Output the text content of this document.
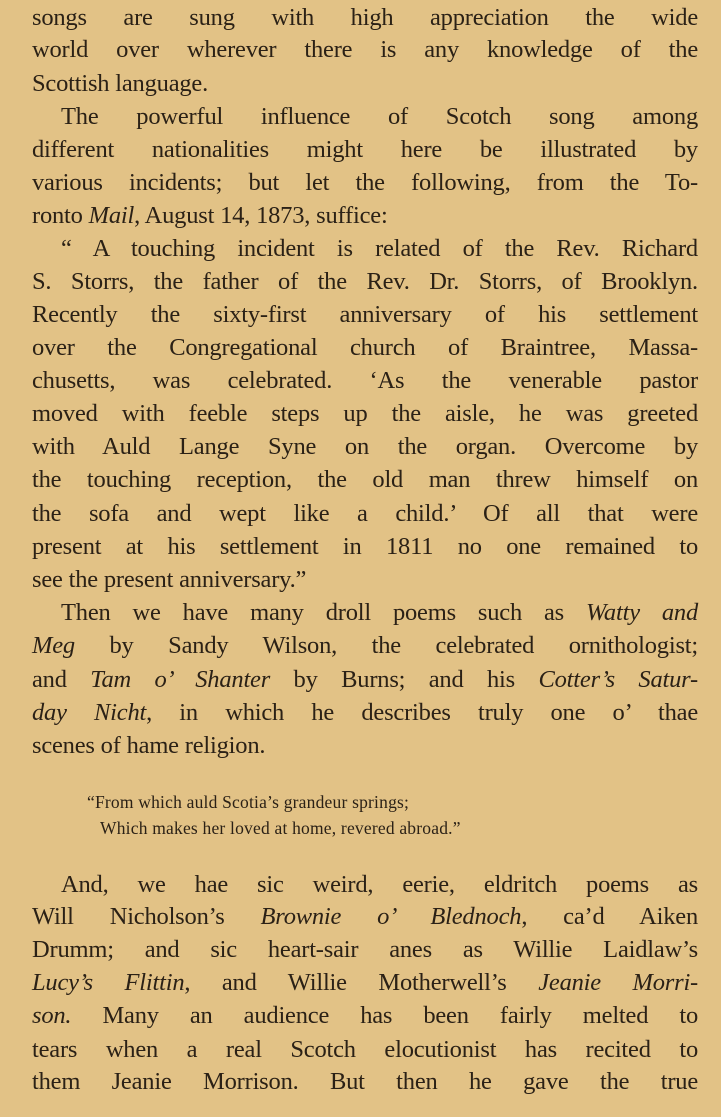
songs are sung with high appreciation the wide
world over wherever there is any knowledge of the
Scottish language.
The powerful influence of Scotch song among
different nationalities might here be illustrated by
various incidents; but let the following, from the To-
ronto Mail, August 14, 1873, suffice:
“ A touching incident is related of the Rev. Richard
S. Storrs, the father of the Rev. Dr. Storrs, of Brooklyn.
Recently the sixty-first anniversary of his settlement
over the Congregational church of Braintree, Massa-
chusetts, was celebrated. ‘As the venerable pastor
moved with feeble steps up the aisle, he was greeted
with Auld Lange Syne on the organ. Overcome by
the touching reception, the old man threw himself on
the sofa and wept like a child.’ Of all that were
present at his settlement in 1811 no one remained to
see the present anniversary.”
Then we have many droll poems such as Watty and
Meg by Sandy Wilson, the celebrated ornithologist;
and Tam o’ Shanter by Burns; and his Cotter’s Satur-
day Nicht, in which he describes truly one o’ thae
scenes of hame religion.
And, we hae sic weird, eerie, eldritch poems as
Will Nicholson’s Brownie o’ Blednoch, ca’d Aiken
Drumm; and sic heart-sair anes as Willie Laidlaw’s
Lucy’s Flittin, and Willie Motherwell’s Jeanie Morri-
son. Many an audience has been fairly melted to
tears when a real Scotch elocutionist has recited to
them Jeanie Morrison. But then he gave the true
“From which auld Scotia’s grandeur springs;
Which makes her loved at home, revered abroad.”
